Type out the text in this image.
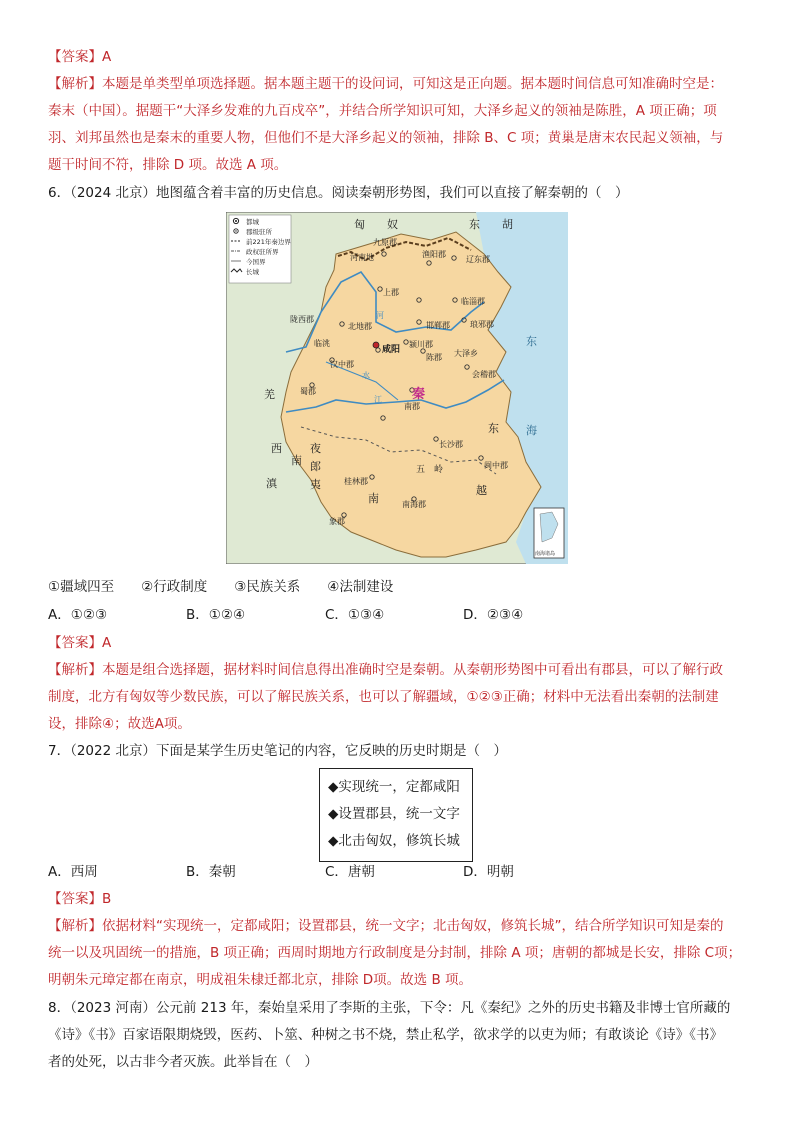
【答案】A
【解析】本题是单类型单项选择题。据本题主题干的设问词，可知这是正向题。据本题时间信息可知准确时空是：
秦末（中国）。据题干“大泽乡发难的九百戍卒”，并结合所学知识可知，大泽乡起义的领袖是陈胜，A 项正确；项
羽、刘邦虽然也是秦末的重要人物，但他们不是大泽乡起义的领袖，排除 B、C 项；黄巢是唐末农民起义领袖，与
题干时间不符，排除 D 项。故选 A 项。
6．（2024 北京）地图蕴含着丰富的历史信息。阅读秦朝形势图，我们可以直接了解秦朝的（　）
都城
郡级驻所
前221年秦边界
政权驻所界
今国界
长城
匈　　奴	东　　胡
九原郡
河南地	渔阳郡
辽东郡
陇西郡
北地郡
临洮
上郡
邯郸郡
临淄郡
琅邪郡
颍川郡
陈郡 大泽乡
咸阳
汉中郡
秦
蜀郡
南郡
会稽郡
长沙郡
闽中郡
桂林郡
象郡
南海郡
五　岭
羌
西
南
滇
夜
郎
夷
南
越
东
东
海
河
江
水
南海诸岛
①疆域四至　　②行政制度　　③民族关系　　④法制建设
A．①②③	B．①②④	C．①③④	D．②③④
【答案】A
【解析】本题是组合选择题，据材料时间信息得出准确时空是秦朝。从秦朝形势图中可看出有郡县，可以了解行政
制度，北方有匈奴等少数民族，可以了解民族关系，也可以了解疆域，①②③正确；材料中无法看出秦朝的法制建
设，排除④；故选A项。
7．（2022 北京）下面是某学生历史笔记的内容，它反映的历史时期是（　）
◆实现统一，定都咸阳
◆设置郡县，统一文字
◆北击匈奴，修筑长城
A．西周	B．秦朝	C．唐朝	D．明朝
【答案】B
【解析】依据材料“实现统一，定都咸阳；设置郡县，统一文字；北击匈奴，修筑长城”，结合所学知识可知是秦的
统一以及巩固统一的措施，B 项正确；西周时期地方行政制度是分封制，排除 A 项；唐朝的都城是长安，排除 C项；
明朝朱元璋定都在南京，明成祖朱棣迁都北京，排除 D项。故选 B 项。
8．（2023 河南）公元前 213 年，秦始皇采用了李斯的主张，下令：凡《秦纪》之外的历史书籍及非博士官所藏的
《诗》《书》百家语限期烧毁，医药、卜筮、种树之书不烧，禁止私学，欲求学的以吏为师；有敢谈论《诗》《书》
者的处死，以古非今者灭族。此举旨在（　）
